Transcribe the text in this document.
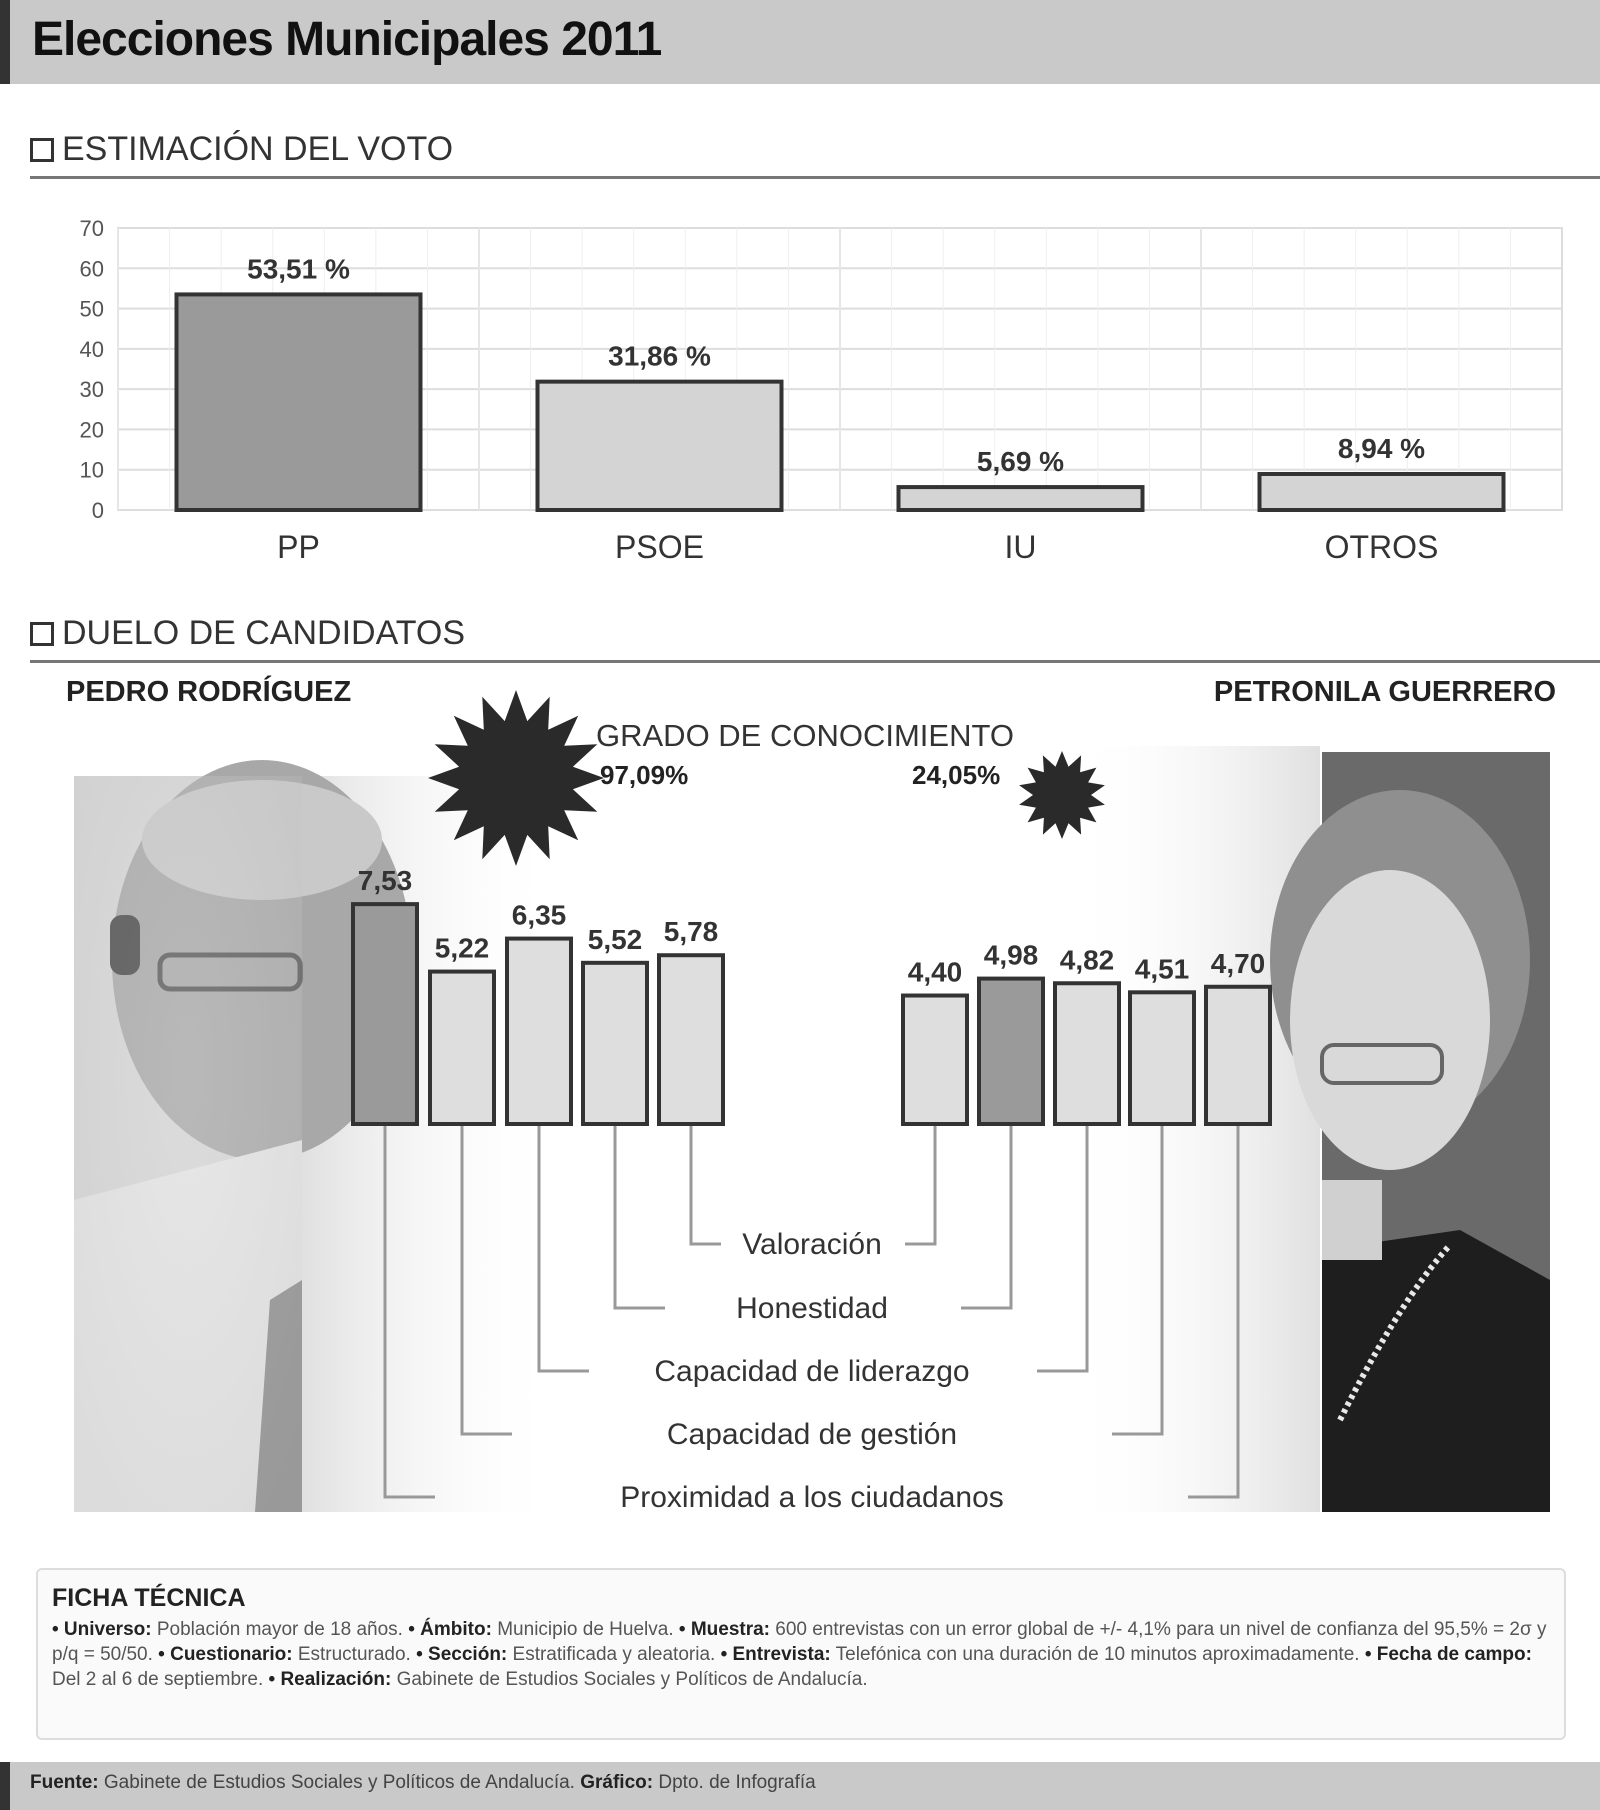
Elecciones Municipales 2011
ESTIMACIÓN DEL VOTO
0
10
20
30
40
50
60
70
53,51 %
PP
31,86 %
PSOE
5,69 %
IU
8,94 %
OTROS
DUELO DE CANDIDATOS
PEDRO RODRÍGUEZ	PETRONILA GUERRERO
7,53
5,22
6,35
5,52 5,78
4,40
4,98 4,82 4,51 4,70
Valoración
Honestidad
Capacidad de liderazgo
Capacidad de gestión
Proximidad a los ciudadanos
GRADO DE CONOCIMIENTO
97,09%	24,05%
FICHA TÉCNICA
• Universo: Población mayor de 18 años. • Ámbito: Municipio de Huelva. • Muestra: 600 entrevistas con un error global de +/- 4,1% para un nivel de confianza del 95,5% = 2σ y p/q = 50/50. • Cuestionario: Estructurado. • Sección: Estratificada y aleatoria. • Entrevista: Telefónica con una duración de 10 minutos aproximadamente. • Fecha de campo: Del 2 al 6 de septiembre. • Realización: Gabinete de Estudios Sociales y Políticos de Andalucía.
Fuente: Gabinete de Estudios Sociales y Políticos de Andalucía. Gráfico: Dpto. de Infografía
